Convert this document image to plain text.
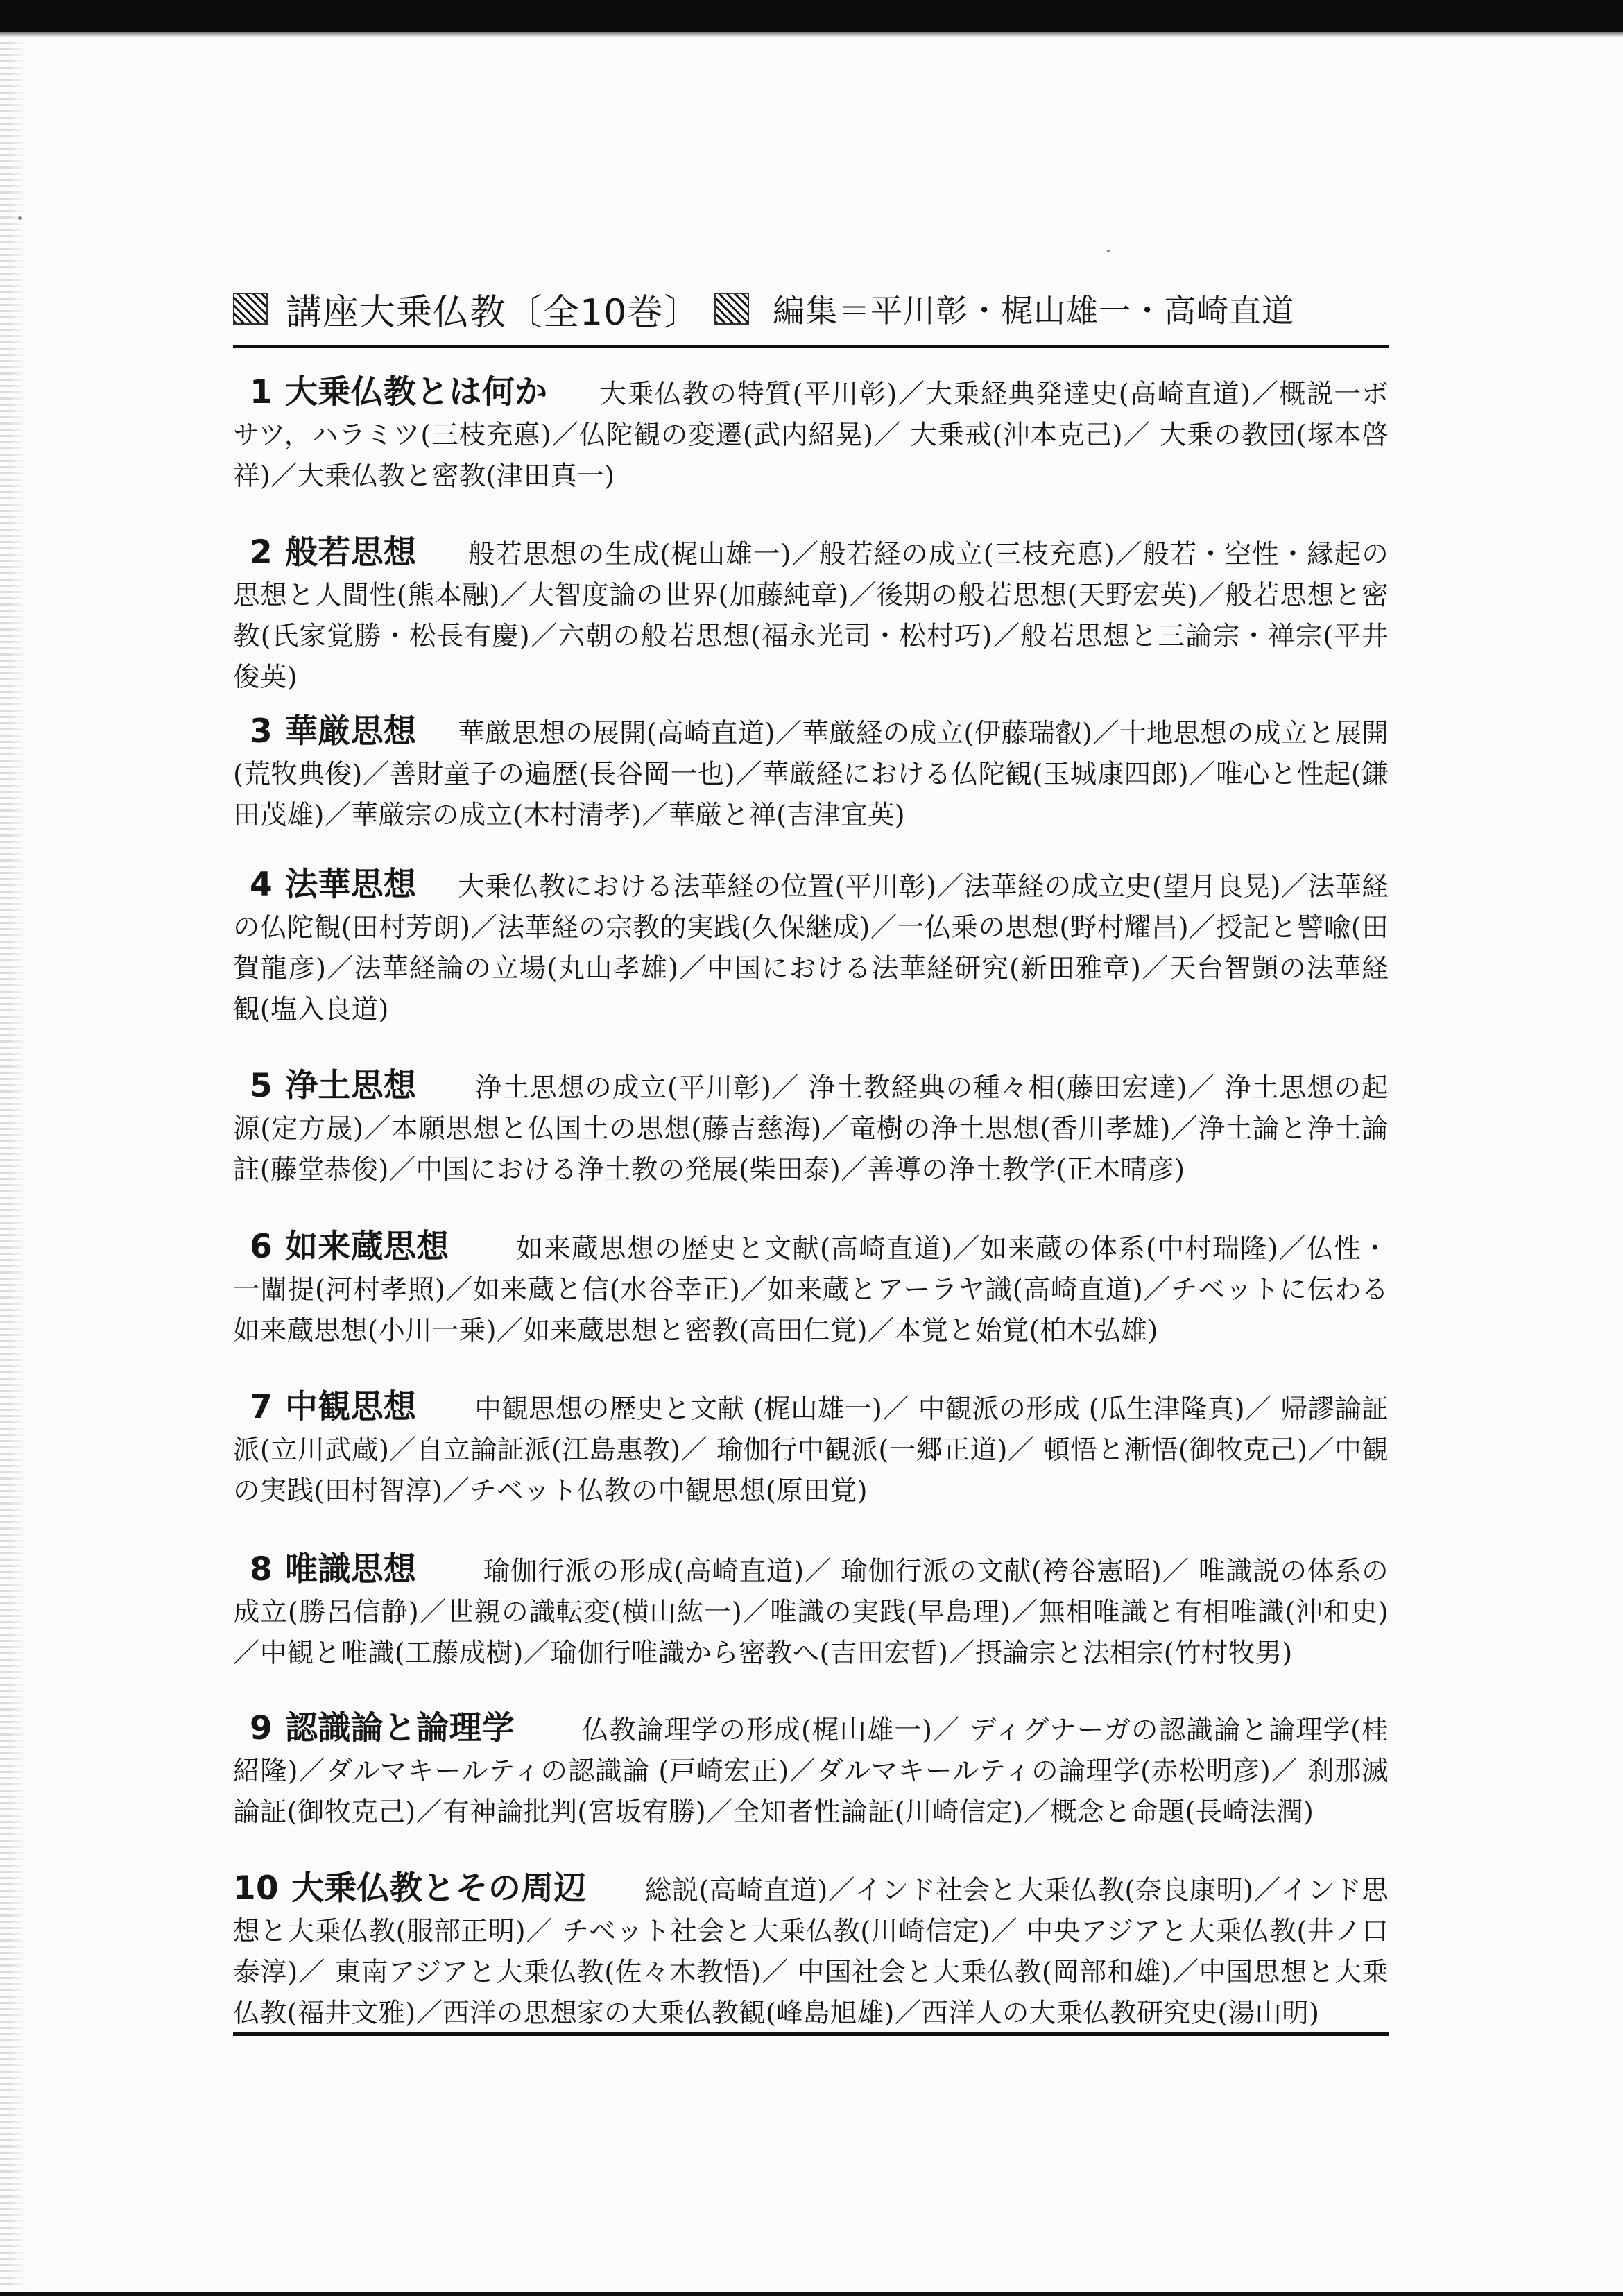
講座大乗仏教〔全10巻〕 編集＝平川彰・梶山雄一・高崎直道
1 大乗仏教とは何か 大乗仏教の特質(平川彰)／大乗経典発達史(高崎直道)／概説一ボサツ，ハラミツ(三枝充悳)／仏陀観の変遷(武内紹晃)／ 大乗戒(沖本克己)／ 大乗の教団(塚本啓祥)／大乗仏教と密教(津田真一)
2 般若思想 般若思想の生成(梶山雄一)／般若経の成立(三枝充悳)／般若・空性・縁起の思想と人間性(熊本融)／大智度論の世界(加藤純章)／後期の般若思想(天野宏英)／般若思想と密教(氏家覚勝・松長有慶)／六朝の般若思想(福永光司・松村巧)／般若思想と三論宗・禅宗(平井俊英)
3 華厳思想 華厳思想の展開(高崎直道)／華厳経の成立(伊藤瑞叡)／十地思想の成立と展開(荒牧典俊)／善財童子の遍歴(長谷岡一也)／華厳経における仏陀観(玉城康四郎)／唯心と性起(鎌田茂雄)／華厳宗の成立(木村清孝)／華厳と禅(吉津宜英)
4 法華思想 大乗仏教における法華経の位置(平川彰)／法華経の成立史(望月良晃)／法華経の仏陀観(田村芳朗)／法華経の宗教的実践(久保継成)／一仏乗の思想(野村耀昌)／授記と譬喩(田賀龍彦)／法華経論の立場(丸山孝雄)／中国における法華経研究(新田雅章)／天台智顗の法華経観(塩入良道)
5 浄土思想 浄土思想の成立(平川彰)／ 浄土教経典の種々相(藤田宏達)／ 浄土思想の起源(定方晟)／本願思想と仏国土の思想(藤吉慈海)／竜樹の浄土思想(香川孝雄)／浄土論と浄土論註(藤堂恭俊)／中国における浄土教の発展(柴田泰)／善導の浄土教学(正木晴彦)
6 如来蔵思想 如来蔵思想の歴史と文献(高崎直道)／如来蔵の体系(中村瑞隆)／仏性・一闡提(河村孝照)／如来蔵と信(水谷幸正)／如来蔵とアーラヤ識(高崎直道)／チベットに伝わる如来蔵思想(小川一乗)／如来蔵思想と密教(高田仁覚)／本覚と始覚(柏木弘雄)
7 中観思想 中観思想の歴史と文献 (梶山雄一)／ 中観派の形成 (瓜生津隆真)／ 帰謬論証派(立川武蔵)／自立論証派(江島惠教)／ 瑜伽行中観派(一郷正道)／ 頓悟と漸悟(御牧克己)／中観の実践(田村智淳)／チベット仏教の中観思想(原田覚)
8 唯識思想 瑜伽行派の形成(高崎直道)／ 瑜伽行派の文献(袴谷憲昭)／ 唯識説の体系の成立(勝呂信静)／世親の識転変(横山紘一)／唯識の実践(早島理)／無相唯識と有相唯識(沖和史)／中観と唯識(工藤成樹)／瑜伽行唯識から密教へ(吉田宏晢)／摂論宗と法相宗(竹村牧男)
9 認識論と論理学 仏教論理学の形成(梶山雄一)／ ディグナーガの認識論と論理学(桂紹隆)／ダルマキールティの認識論 (戸崎宏正)／ダルマキールティの論理学(赤松明彦)／ 刹那滅論証(御牧克己)／有神論批判(宮坂宥勝)／全知者性論証(川崎信定)／概念と命題(長崎法潤)
10 大乗仏教とその周辺 総説(高崎直道)／インド社会と大乗仏教(奈良康明)／インド思想と大乗仏教(服部正明)／ チベット社会と大乗仏教(川崎信定)／ 中央アジアと大乗仏教(井ノ口泰淳)／ 東南アジアと大乗仏教(佐々木教悟)／ 中国社会と大乗仏教(岡部和雄)／中国思想と大乗仏教(福井文雅)／西洋の思想家の大乗仏教観(峰島旭雄)／西洋人の大乗仏教研究史(湯山明)
